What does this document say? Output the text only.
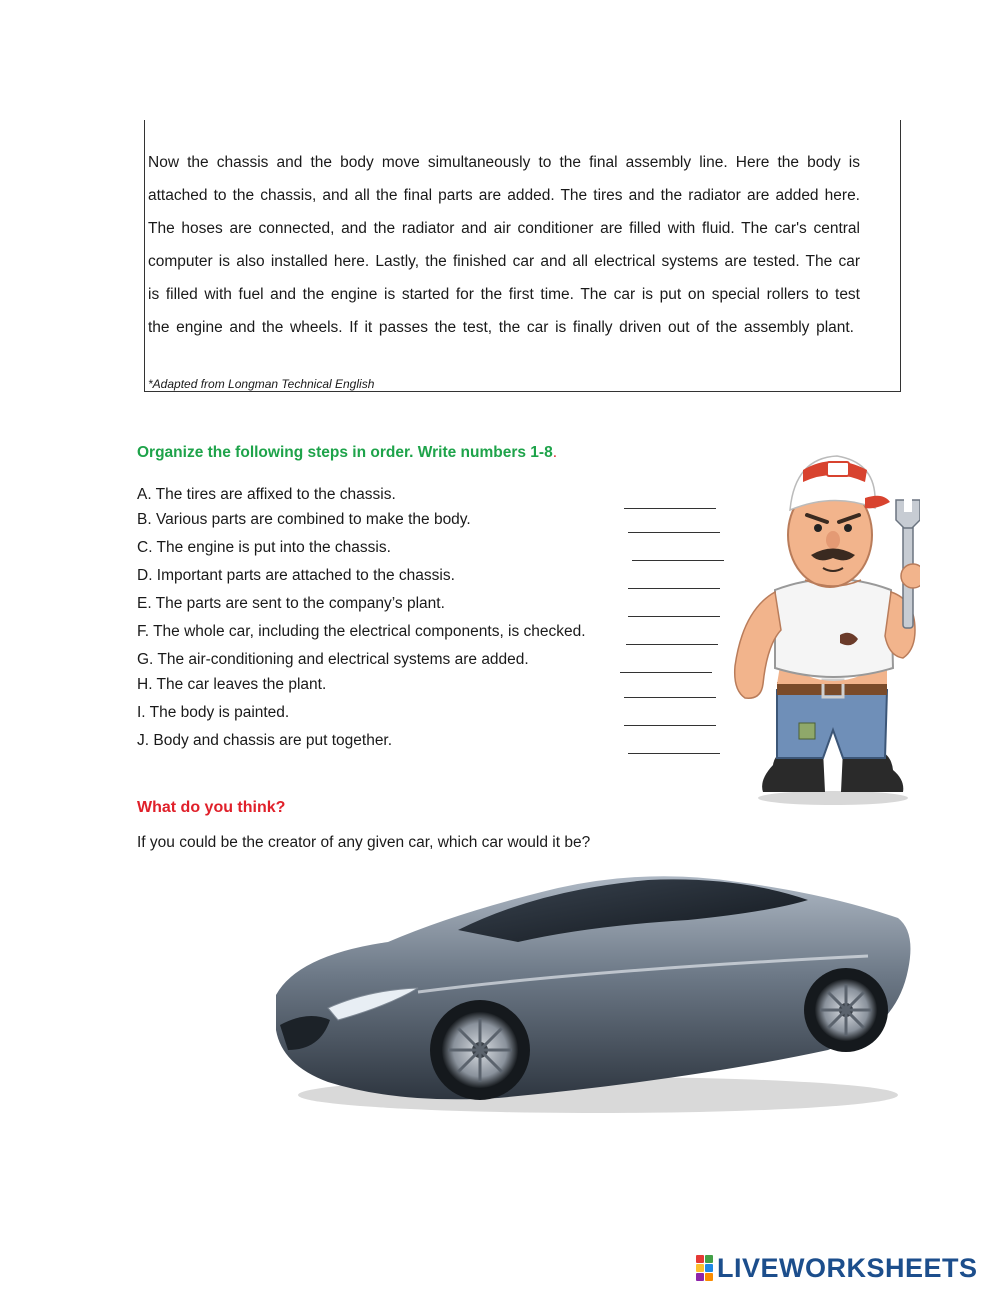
Now the chassis and the body move simultaneously to the final assembly line. Here the body is
attached to the chassis, and all the final parts are added. The tires and the radiator are added here.
The hoses are connected, and the radiator and air conditioner are filled with fluid. The car's central
computer is also installed here. Lastly, the finished car and all electrical systems are tested. The car
is filled with fuel and the engine is started for the first time. The car is put on special rollers to test
the engine and the wheels. If it passes the test, the car is finally driven out of the assembly plant.
*Adapted from Longman Technical English
Organize the following steps in order. Write numbers 1-8.
A. The tires are affixed to the chassis.
B. Various parts are combined to make the body.
C. The engine is put into the chassis.
D. Important parts are attached to the chassis.
E. The parts are sent to the company’s plant.
F. The whole car, including the electrical components, is checked.
G. The air-conditioning and electrical systems are added.
H. The car leaves the plant.
I. The body is painted.
J. Body and chassis are put together.
What do you think?
If you could be the creator of any given car, which car would it be?
LIVEWORKSHEETS
